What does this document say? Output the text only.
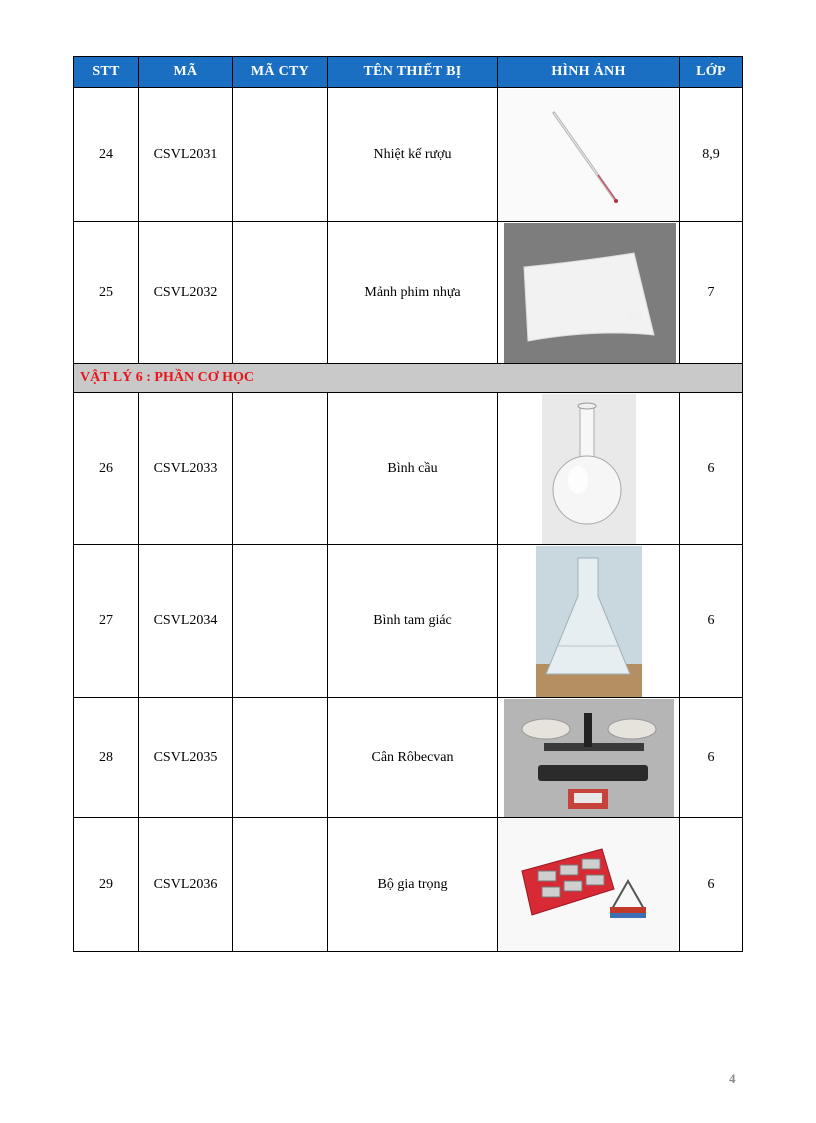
STT	MÃ	MÃ CTY	TÊN THIẾT BỊ	HÌNH ẢNH	LỚP
24	CSVL2031		Nhiệt kế rượu		8,9
25	CSVL2032		Mảnh phim nhựa		7
VẬT LÝ 6 : PHẦN CƠ HỌC					
26	CSVL2033		Bình cầu		6
27	CSVL2034		Bình tam giác		6
28	CSVL2035		Cân Rôbecvan		6
29	CSVL2036		Bộ gia trọng		6
4
